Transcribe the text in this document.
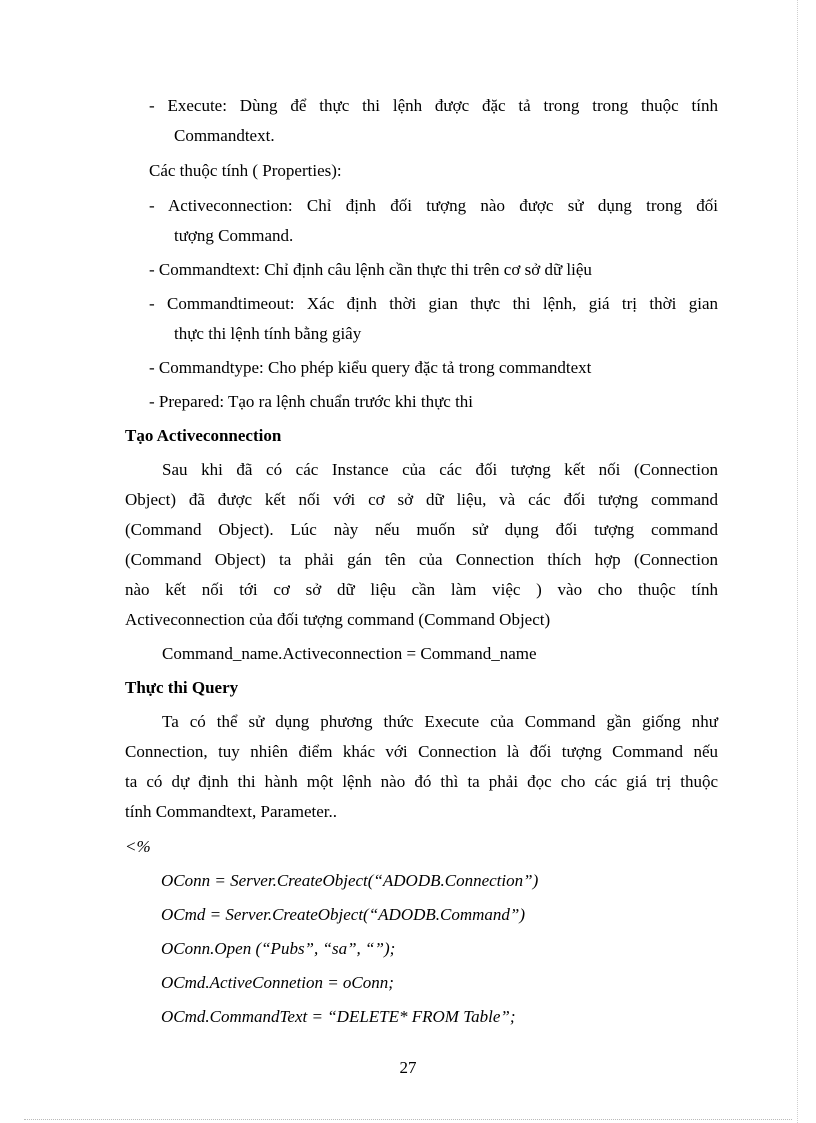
- Execute: Dùng để thực thi lệnh được đặc tả trong trong thuộc tính
Commandtext.
Các thuộc tính ( Properties):
- Activeconnection: Chỉ định đối tượng nào được sử dụng trong đối
tượng Command.
- Commandtext: Chỉ định câu lệnh cần thực thi trên cơ sở dữ liệu
- Commandtimeout: Xác định thời gian thực thi lệnh, giá trị thời gian
thực thi lệnh tính bằng giây
- Commandtype: Cho phép kiểu query đặc tả trong commandtext
- Prepared: Tạo ra lệnh chuẩn trước khi thực thi
Tạo Activeconnection
Sau khi đã có các Instance của các đối tượng kết nối (Connection
Object) đã được kết nối với cơ sở dữ liệu, và các đối tượng command
(Command Object). Lúc này nếu muốn sử dụng đối tượng command
(Command Object) ta phải gán tên của Connection thích hợp (Connection
nào kết nối tới cơ sở dữ liệu cần làm việc ) vào cho thuộc tính
Activeconnection của đối tượng command (Command Object)
Command_name.Activeconnection = Command_name
Thực thi Query
Ta có thể sử dụng phương thức Execute của Command gần giống như
Connection, tuy nhiên điểm khác với Connection là đối tượng Command nếu
ta có dự định thi hành một lệnh nào đó thì ta phải đọc cho các giá trị thuộc
tính Commandtext, Parameter..
<%
OConn = Server.CreateObject(“ADODB.Connection”)
OCmd = Server.CreateObject(“ADODB.Command”)
OConn.Open (“Pubs”, “sa”, “”);
OCmd.ActiveConnetion = oConn;
OCmd.CommandText = “DELETE* FROM Table”;
27
